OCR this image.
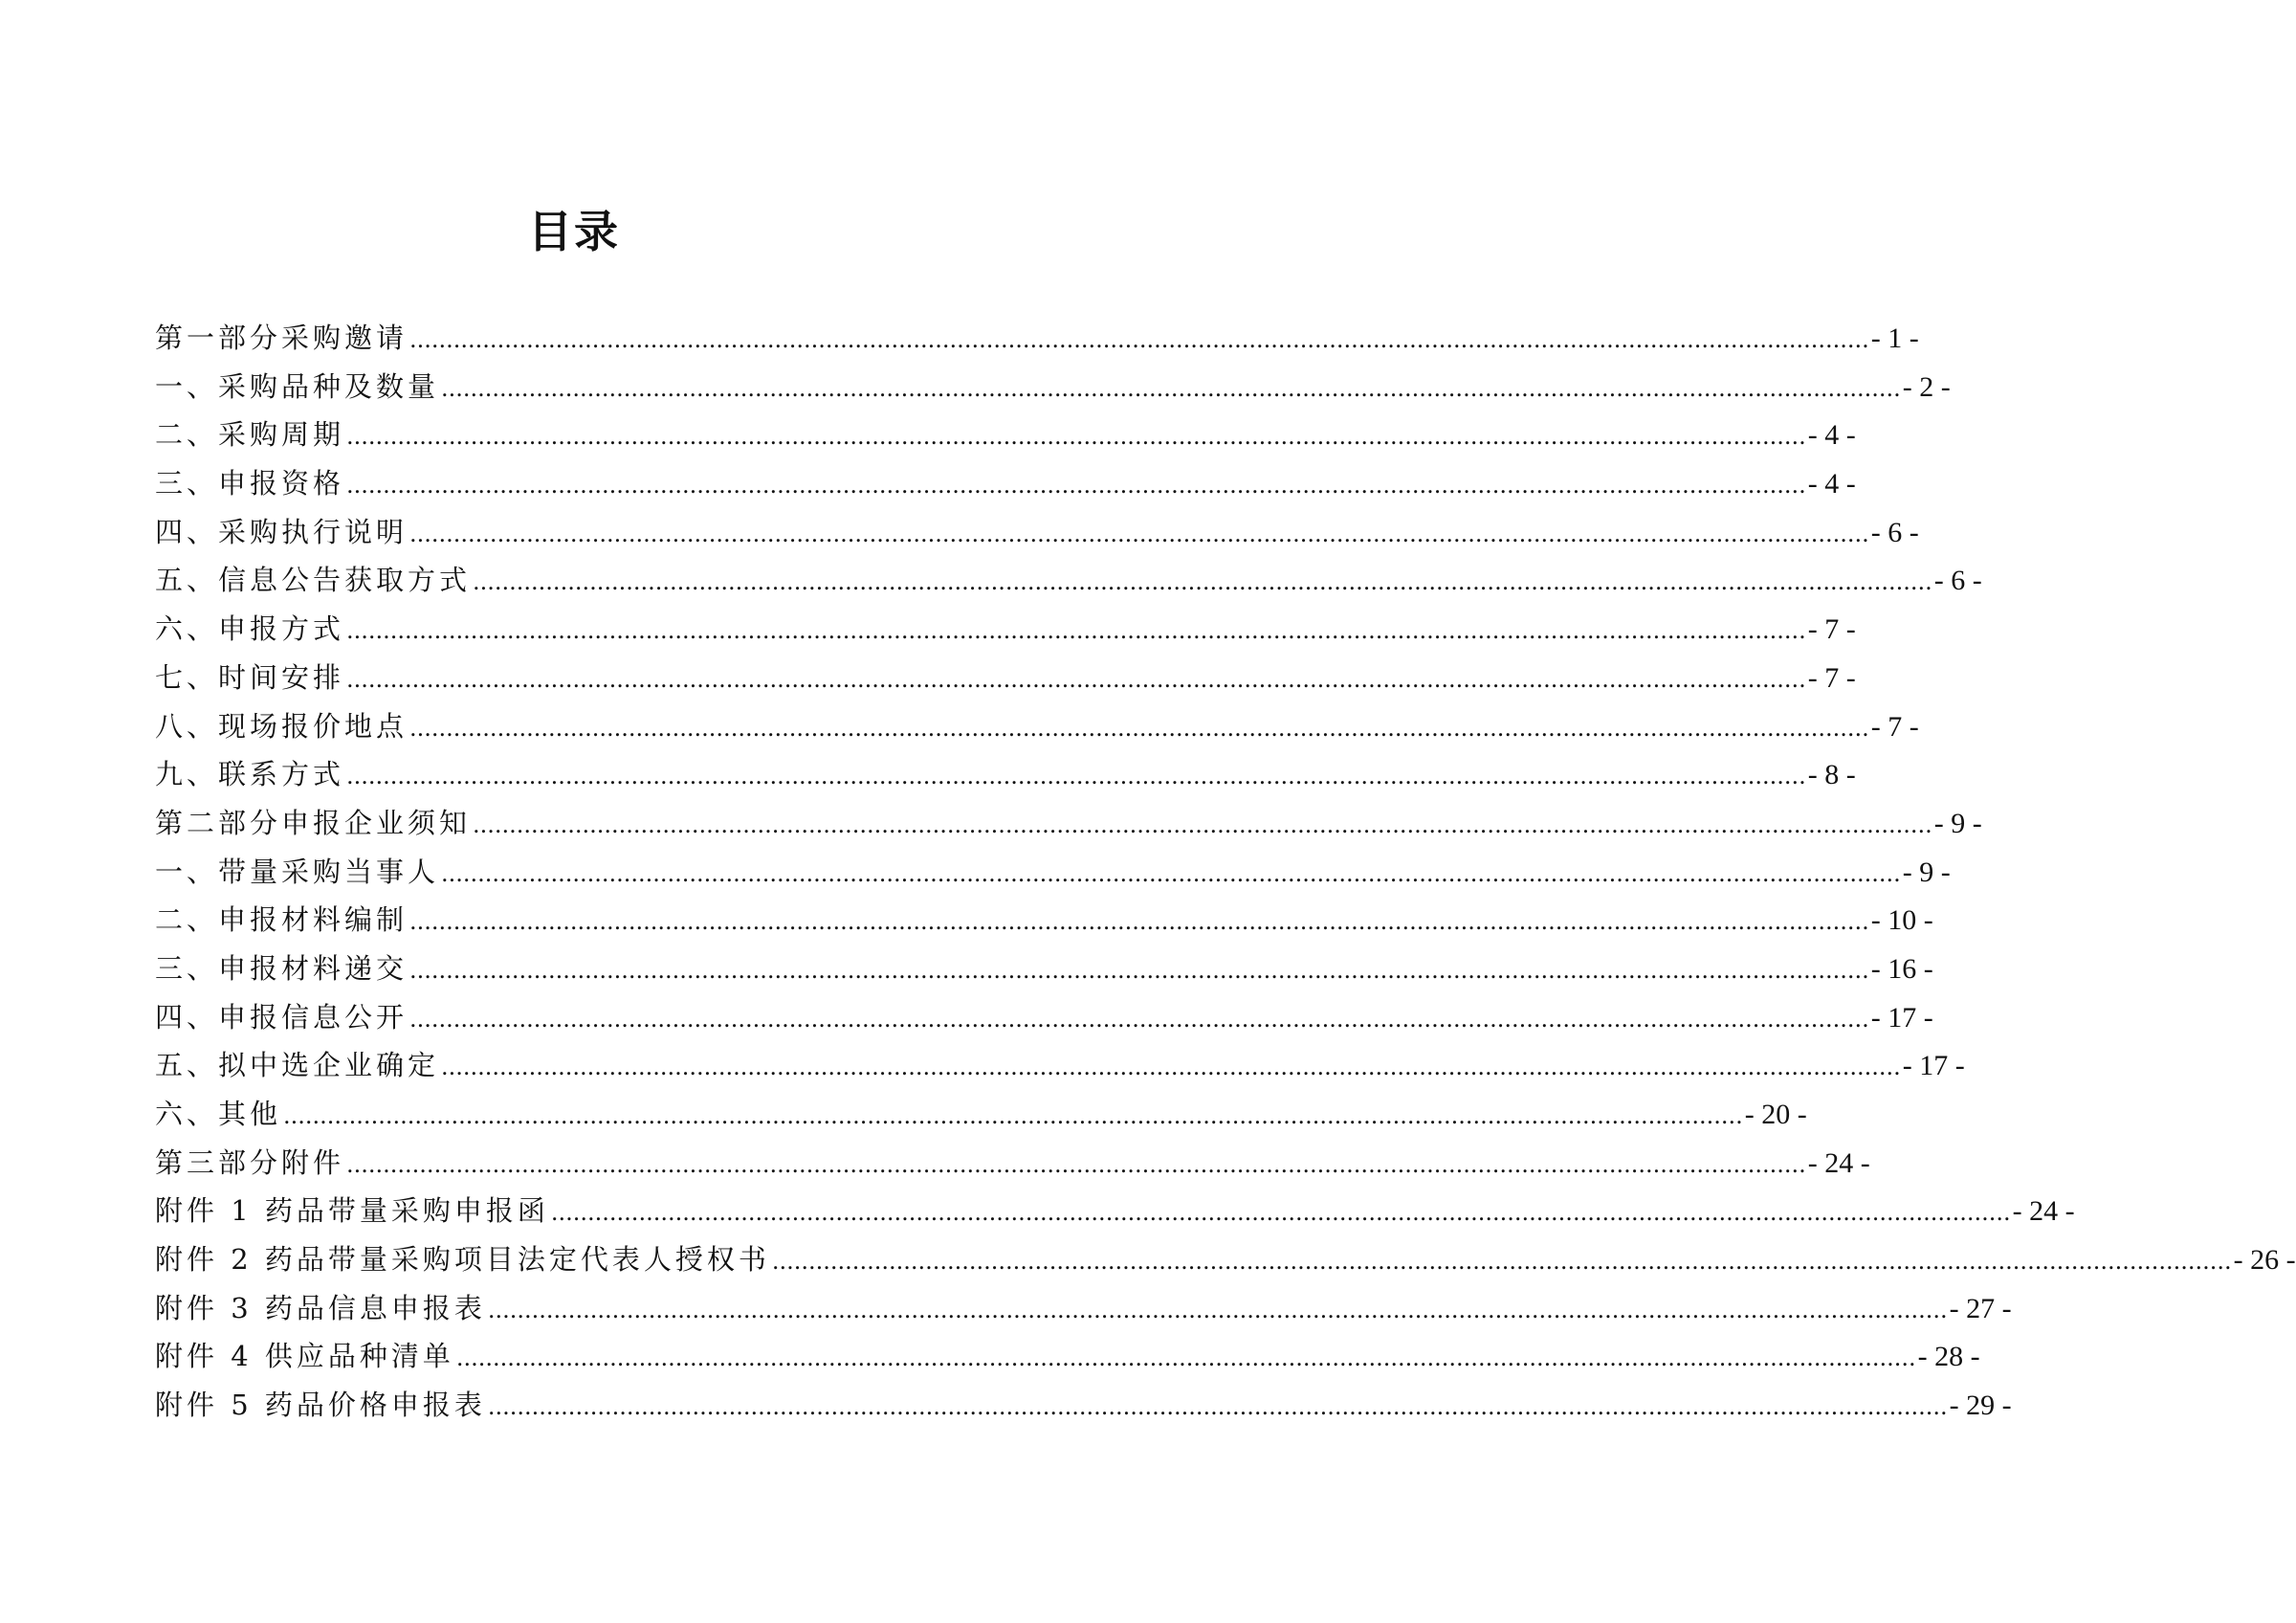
目录
第一部分采购邀请 ........................................................................................................................................................................................................ - 1 -
一、采购品种及数量 ........................................................................................................................................................................................................ - 2 -
二、采购周期 ........................................................................................................................................................................................................ - 4 -
三、申报资格 ........................................................................................................................................................................................................ - 4 -
四、采购执行说明 ........................................................................................................................................................................................................ - 6 -
五、信息公告获取方式 ........................................................................................................................................................................................................ - 6 -
六、申报方式 ........................................................................................................................................................................................................ - 7 -
七、时间安排 ........................................................................................................................................................................................................ - 7 -
八、现场报价地点 ........................................................................................................................................................................................................ - 7 -
九、联系方式 ........................................................................................................................................................................................................ - 8 -
第二部分申报企业须知 ........................................................................................................................................................................................................ - 9 -
一、带量采购当事人 ........................................................................................................................................................................................................ - 9 -
二、申报材料编制 ........................................................................................................................................................................................................ - 10 -
三、申报材料递交 ........................................................................................................................................................................................................ - 16 -
四、申报信息公开 ........................................................................................................................................................................................................ - 17 -
五、拟中选企业确定 ........................................................................................................................................................................................................ - 17 -
六、其他 ........................................................................................................................................................................................................ - 20 -
第三部分附件 ........................................................................................................................................................................................................ - 24 -
附件 1 药品带量采购申报函 ........................................................................................................................................................................................................ - 24 -
附件 2 药品带量采购项目法定代表人授权书 ........................................................................................................................................................................................................ - 26 -
附件 3 药品信息申报表 ........................................................................................................................................................................................................ - 27 -
附件 4 供应品种清单 ........................................................................................................................................................................................................ - 28 -
附件 5 药品价格申报表 ........................................................................................................................................................................................................ - 29 -
